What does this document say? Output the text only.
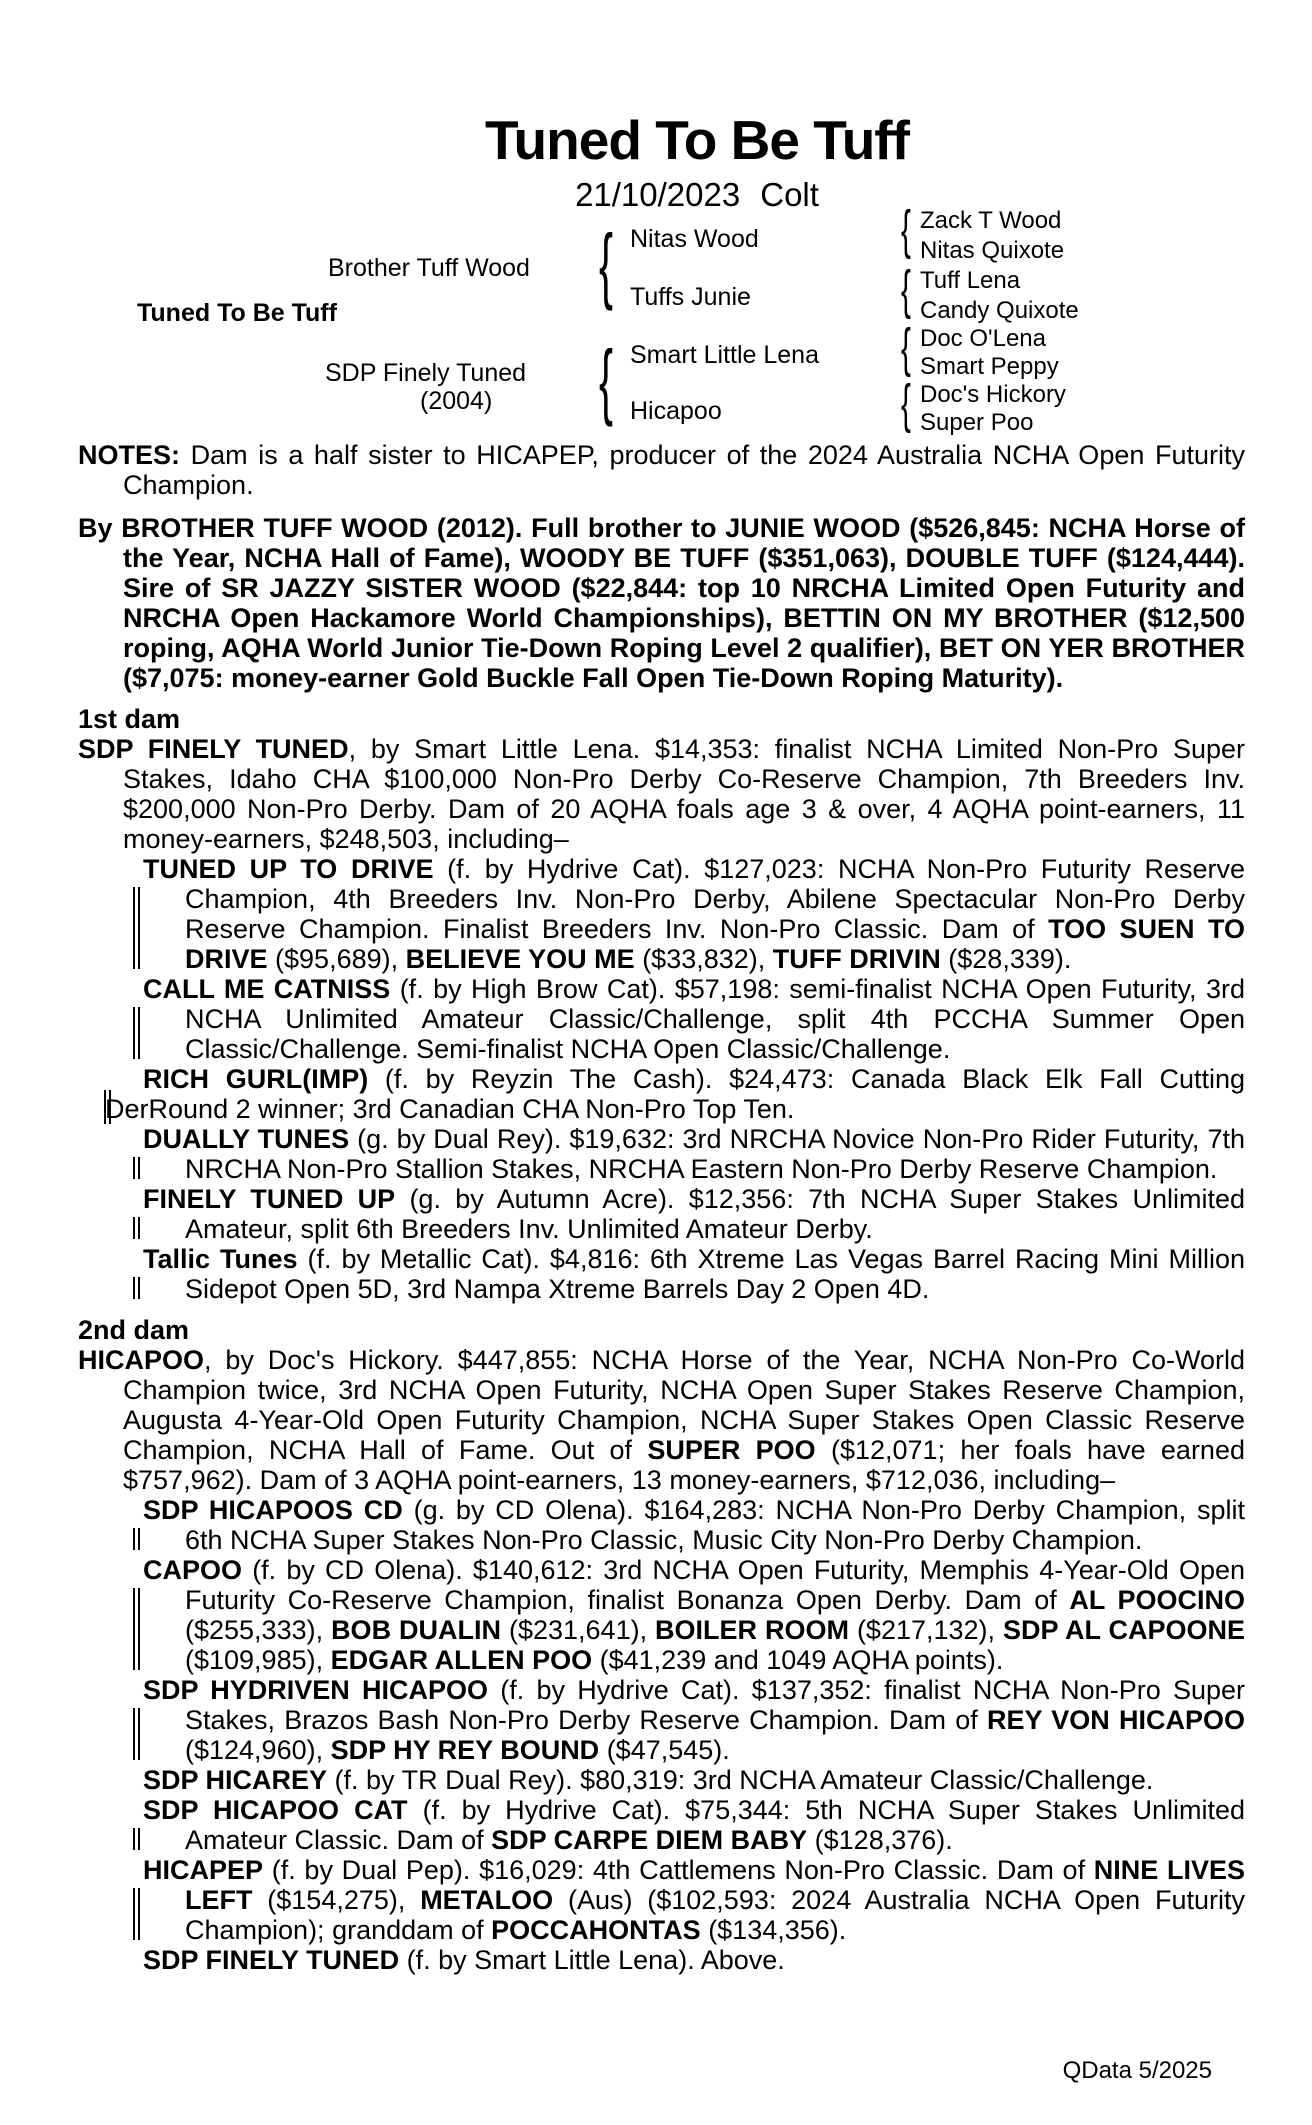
Tuned To Be Tuff
21/10/2023 Colt
Tuned To Be Tuff
Brother Tuff Wood
SDP Finely Tuned
(2004)
{
{
Nitas Wood
Tuffs Junie
Smart Little Lena
Hicapoo
{
{
{
{
Zack T Wood
Nitas Quixote
Tuff Lena
Candy Quixote
Doc O'Lena
Smart Peppy
Doc's Hickory
Super Poo
NOTES: Dam is a half sister to HICAPEP, producer of the 2024 Australia NCHA Open Futurity Champion.
By BROTHER TUFF WOOD (2012). Full brother to JUNIE WOOD ($526,845: NCHA Horse of the Year, NCHA Hall of Fame), WOODY BE TUFF ($351,063), DOUBLE TUFF ($124,444). Sire of SR JAZZY SISTER WOOD ($22,844: top 10 NRCHA Limited Open Futurity and NRCHA Open Hackamore World Championships), BETTIN ON MY BROTHER ($12,500 roping, AQHA World Junior Tie-Down Roping Level 2 qualifier), BET ON YER BROTHER ($7,075: money-earner Gold Buckle Fall Open Tie-Down Roping Maturity).
1st dam
SDP FINELY TUNED, by Smart Little Lena. $14,353: finalist NCHA Limited Non-Pro Super Stakes, Idaho CHA $100,000 Non-Pro Derby Co-Reserve Champion, 7th Breeders Inv. $200,000 Non-Pro Derby. Dam of 20 AQHA foals age 3 & over, 4 AQHA point-earners, 11 money-earners, $248,503, including–
TUNED UP TO DRIVE (f. by Hydrive Cat). $127,023: NCHA Non-Pro Futurity Reserve Champion, 4th Breeders Inv. Non-Pro Derby, Abilene Spectacular Non-Pro Derby Reserve Champion. Finalist Breeders Inv. Non-Pro Classic. Dam of TOO SUEN TO DRIVE ($95,689), BELIEVE YOU ME ($33,832), TUFF DRIVIN ($28,339).
CALL ME CATNISS (f. by High Brow Cat). $57,198: semi-finalist NCHA Open Futurity, 3rd NCHA Unlimited Amateur Classic/Challenge, split 4th PCCHA Summer Open Classic/Challenge. Semi-finalist NCHA Open Classic/Challenge.
RICH GURL(IMP) (f. by Reyzin The Cash). $24,473: Canada Black Elk Fall Cutting
DerRound 2 winner; 3rd Canadian CHA Non-Pro Top Ten.
DUALLY TUNES (g. by Dual Rey). $19,632: 3rd NRCHA Novice Non-Pro Rider Futurity, 7th NRCHA Non-Pro Stallion Stakes, NRCHA Eastern Non-Pro Derby Reserve Champion.
FINELY TUNED UP (g. by Autumn Acre). $12,356: 7th NCHA Super Stakes Unlimited Amateur, split 6th Breeders Inv. Unlimited Amateur Derby.
Tallic Tunes (f. by Metallic Cat). $4,816: 6th Xtreme Las Vegas Barrel Racing Mini Million Sidepot Open 5D, 3rd Nampa Xtreme Barrels Day 2 Open 4D.
2nd dam
HICAPOO, by Doc's Hickory. $447,855: NCHA Horse of the Year, NCHA Non-Pro Co-World Champion twice, 3rd NCHA Open Futurity, NCHA Open Super Stakes Reserve Champion, Augusta 4-Year-Old Open Futurity Champion, NCHA Super Stakes Open Classic Reserve Champion, NCHA Hall of Fame. Out of SUPER POO ($12,071; her foals have earned $757,962). Dam of 3 AQHA point-earners, 13 money-earners, $712,036, including–
SDP HICAPOOS CD (g. by CD Olena). $164,283: NCHA Non-Pro Derby Champion, split 6th NCHA Super Stakes Non-Pro Classic, Music City Non-Pro Derby Champion.
CAPOO (f. by CD Olena). $140,612: 3rd NCHA Open Futurity, Memphis 4-Year-Old Open Futurity Co-Reserve Champion, finalist Bonanza Open Derby. Dam of AL POOCINO ($255,333), BOB DUALIN ($231,641), BOILER ROOM ($217,132), SDP AL CAPOONE ($109,985), EDGAR ALLEN POO ($41,239 and 1049 AQHA points).
SDP HYDRIVEN HICAPOO (f. by Hydrive Cat). $137,352: finalist NCHA Non-Pro Super Stakes, Brazos Bash Non-Pro Derby Reserve Champion. Dam of REY VON HICAPOO ($124,960), SDP HY REY BOUND ($47,545).
SDP HICAREY (f. by TR Dual Rey). $80,319: 3rd NCHA Amateur Classic/Challenge.
SDP HICAPOO CAT (f. by Hydrive Cat). $75,344: 5th NCHA Super Stakes Unlimited Amateur Classic. Dam of SDP CARPE DIEM BABY ($128,376).
HICAPEP (f. by Dual Pep). $16,029: 4th Cattlemens Non-Pro Classic. Dam of NINE LIVES LEFT ($154,275), METALOO (Aus) ($102,593: 2024 Australia NCHA Open Futurity Champion); granddam of POCCAHONTAS ($134,356).
SDP FINELY TUNED (f. by Smart Little Lena). Above.
QData 5/2025
